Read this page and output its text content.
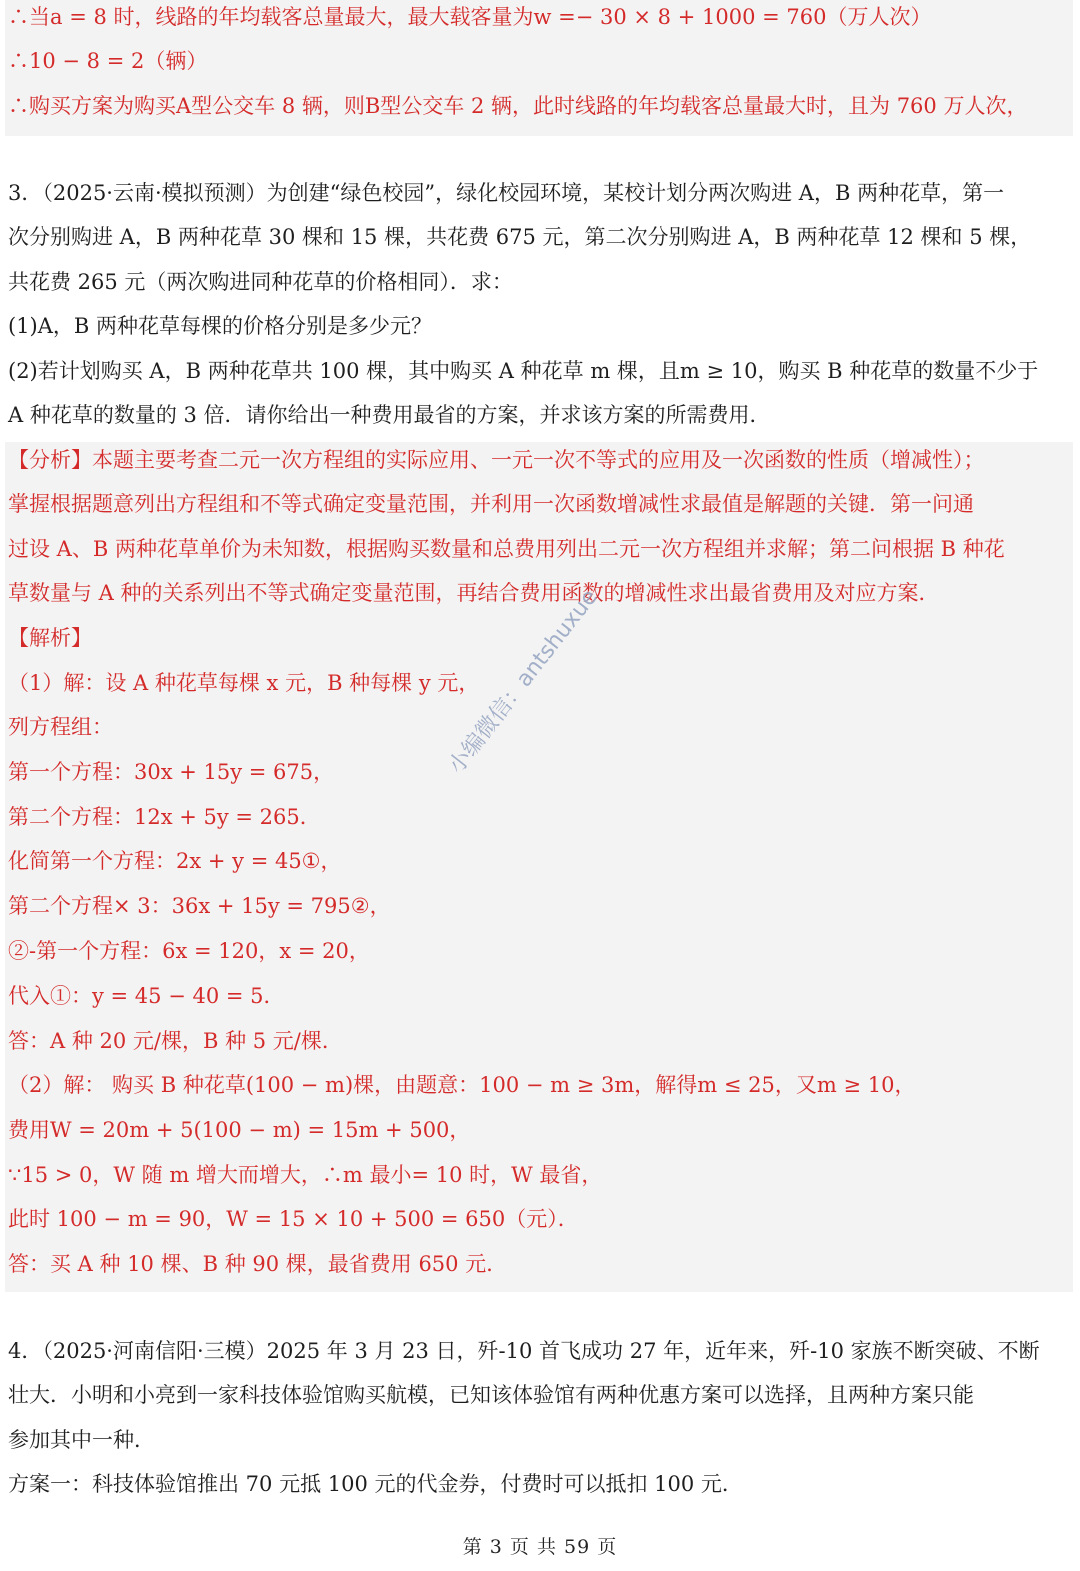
∴当a = 8 时，线路的年均载客总量最大，最大载客量为w =− 30 × 8 + 1000 = 760（万人次）
∴10 − 8 = 2（辆）
∴购买方案为购买A型公交车 8 辆，则B型公交车 2 辆，此时线路的年均载客总量最大时，且为 760 万人次，
3．（2025·云南·模拟预测）为创建“绿色校园”，绿化校园环境，某校计划分两次购进 A，B 两种花草，第一
次分别购进 A，B 两种花草 30 棵和 15 棵，共花费 675 元，第二次分别购进 A，B 两种花草 12 棵和 5 棵，
共花费 265 元（两次购进同种花草的价格相同）．求：
(1)A，B 两种花草每棵的价格分别是多少元？
(2)若计划购买 A，B 两种花草共 100 棵，其中购买 A 种花草 m 棵，且m ≥ 10，购买 B 种花草的数量不少于
A 种花草的数量的 3 倍．请你给出一种费用最省的方案，并求该方案的所需费用．
【分析】本题主要考查二元一次方程组的实际应用、一元一次不等式的应用及一次函数的性质（增减性）；
掌握根据题意列出方程组和不等式确定变量范围，并利用一次函数增减性求最值是解题的关键．第一问通
过设 A、B 两种花草单价为未知数，根据购买数量和总费用列出二元一次方程组并求解；第二问根据 B 种花
草数量与 A 种的关系列出不等式确定变量范围，再结合费用函数的增减性求出最省费用及对应方案．
【解析】
（1）解：设 A 种花草每棵 x 元，B 种每棵 y 元，
列方程组：
第一个方程：30x + 15y = 675，
第二个方程：12x + 5y = 265．
化简第一个方程：2x + y = 45①，
第二个方程× 3：36x + 15y = 795②，
②-第一个方程：6x = 120，x = 20，
代入①：y = 45 − 40 = 5．
答：A 种 20 元/棵，B 种 5 元/棵．
（2）解： 购买 B 种花草(100 − m)棵，由题意：100 − m ≥ 3m，解得m ≤ 25，又m ≥ 10，
费用W = 20m + 5(100 − m) = 15m + 500，
∵15 > 0，W 随 m 增大而增大，∴m 最小= 10 时，W 最省，
此时 100 − m = 90，W = 15 × 10 + 500 = 650（元）．
答：买 A 种 10 棵、B 种 90 棵，最省费用 650 元．
4．（2025·河南信阳·三模）2025 年 3 月 23 日，歼-10 首飞成功 27 年，近年来，歼-10 家族不断突破、不断
壮大．小明和小亮到一家科技体验馆购买航模，已知该体验馆有两种优惠方案可以选择，且两种方案只能
参加其中一种．
方案一：科技体验馆推出 70 元抵 100 元的代金券，付费时可以抵扣 100 元．
小编微信：antshuxue
第 3 页 共 59 页
